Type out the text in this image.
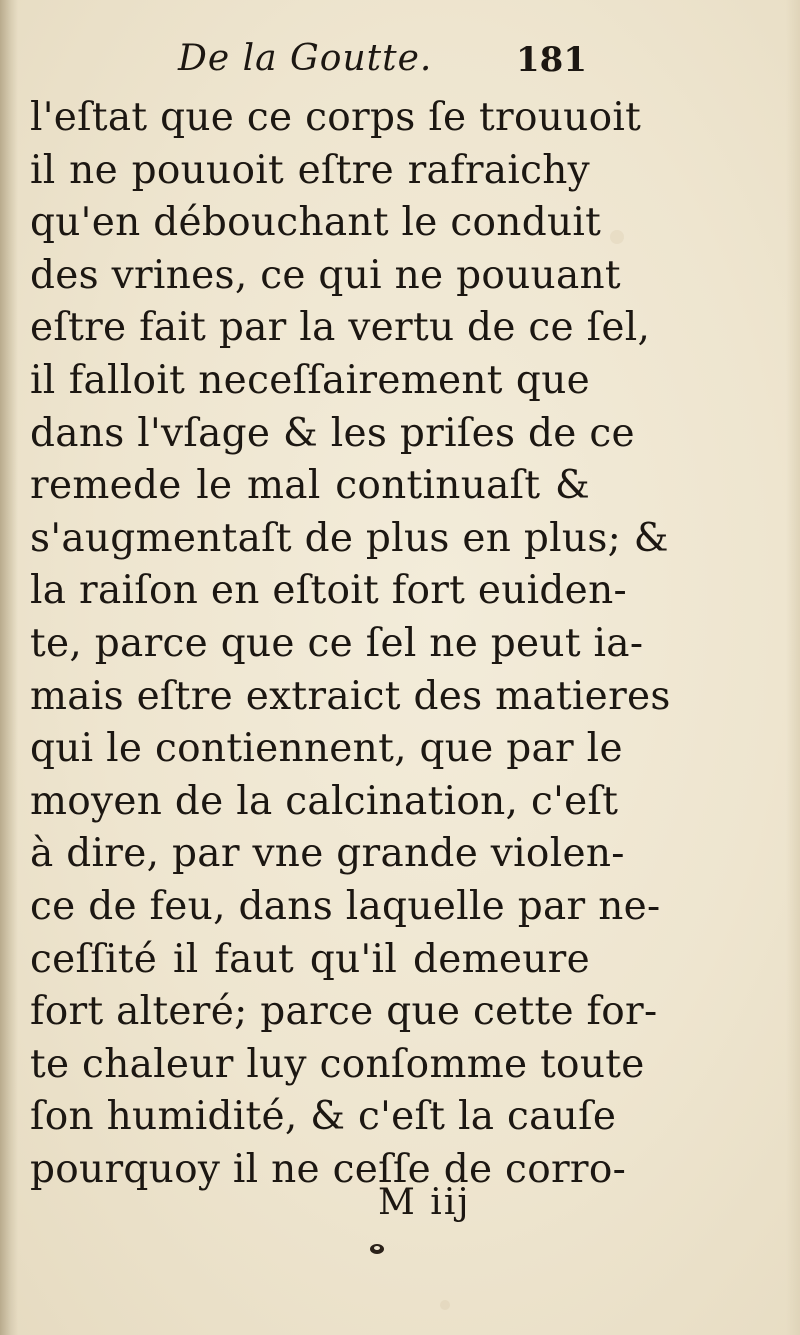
De la Goutte. 181
l'eſtat que ce corps ſe trouuoit
il ne pouuoit eſtre rafraichy
qu'en débouchant le conduit
des vrines, ce qui ne pouuant
eſtre fait par la vertu de ce ſel,
il falloit neceſſairement que
dans l'vſage & les priſes de ce
remede le mal continuaſt &
s'augmentaſt de plus en plus; &
la raiſon en eſtoit fort euiden-
te, parce que ce ſel ne peut ia-
mais eſtre extraict des matieres
qui le contiennent, que par le
moyen de la calcination, c'eſt
à dire, par vne grande violen-
ce de feu, dans laquelle par ne-
ceſſité il faut qu'il demeure
fort alteré; parce que cette for-
te chaleur luy conſomme toute
ſon humidité, & c'eſt la cauſe
pourquoy il ne ceſſe de corro-
M iij
